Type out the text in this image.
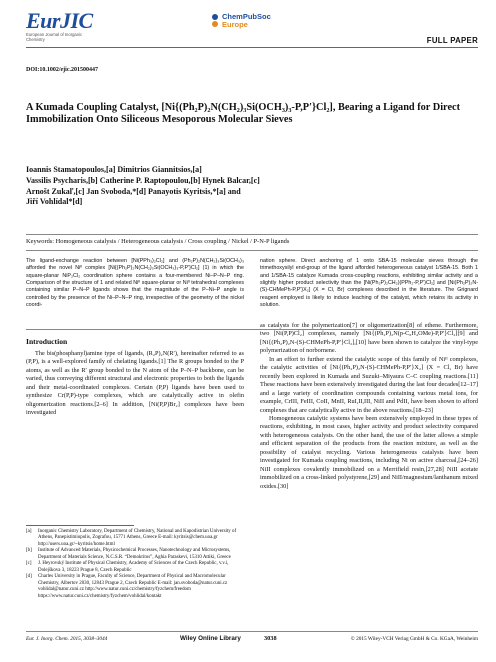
EurJIC
European Journal of Inorganic Chemistry
ChemPubSoc
Europe
FULL PAPER
DOI:10.1002/ejic.201500447
A Kumada Coupling Catalyst, [Ni{(Ph₂P)₂N(CH₂)₃Si(OCH₃)₃-P,P′}Cl₂], Bearing a Ligand for Direct Immobilization Onto Siliceous Mesoporous Molecular Sieves
Ioannis Stamatopoulos,[a] Dimitrios Giannitsios,[a]
Vassilis Psycharis,[b] Catherine P. Raptopoulou,[b] Hynek Balcar,[c]
Arnošt Zukaľ,[c] Jan Svoboda,*[d] Panayotis Kyritsis,*[a] and
Jiří Vohlídal*[d]
Keywords: Homogeneous catalysis / Heterogeneous catalysis / Cross coupling / Nickel / P-N-P ligands
The ligand-exchange reaction between [Ni(PPh₃)₂Cl₂] and (Ph₂P)₂N(CH₂)₃Si(OCH₃)₃ afforded the novel Niᴵᴵ complex [Ni{(Ph₂P)₂N(CH₂)₃Si(OCH₃)₃-P,P′}Cl₂] (1) in which the square-planar NiP₂Cl₂ coordination sphere contains a four-membered Ni–P–N–P ring. Comparison of the structure of 1 and related Niᴵᴵ square-planar or Niᴵᴵ tetrahedral complexes containing similar P–N–P ligands shows that the magnitude of the P–Ni–P angle is controlled by the presence of the Ni–P–N–P ring, irrespective of the geometry of the nickel coordi-
nation sphere. Direct anchoring of 1 onto SBA-15 molecular sieves through the trimethoxysilyl end-group of the ligand afforded heterogeneous catalyst 1/SBA-15. Both 1 and 1/SBA-15 catalyze Kumada cross-coupling reactions, exhibiting similar activity and a slightly higher product selectivity than the [Ni(Ph₂P)₂CH₂)(PPh₂-P,P′)Cl₂] and [Ni(Ph₂P)₂N-(S)-CHMePh-P,P′}X₂] (X = Cl, Br) complexes described in the literature. The Grignard reagent employed is likely to induce leaching of the catalyst, which retains its activity in solution.
Introduction

The bis(phosphanyl)amine type of ligands, (R₂P)₂N(R′), hereinafter referred to as (P,P), is a well-explored family of chelating ligands.[1] The R groups bonded to the P atoms, as well as the R′ group bonded to the N atom of the P–N–P backbone, can be varied, thus conveying different structural and electronic properties to both the ligands and their metal-coordinated complexes. Certain (P,P) ligands have been used to synthesize Cr(P,P)-type complexes, which are catalytically active in olefin oligomerization reactions.[2–6] In addition, [Ni(P,P)Br₂] complexes have been investigated

as catalysts for the polymerization[7] or oligomerization[8] of ethene. Furthermore, two [Ni(P,P)Cl₂] complexes, namely [Ni{(Ph₂P)₂N(p-C₆H₄OMe)-P,P′}Cl₂][9] and [Ni{(Ph₂P)₂N-(S)-CHMePh-P,P′}Cl₂],[10] have been shown to catalyze the vinyl-type polymerization of norbornene.

In an effort to further extend the catalytic scope of this family of Niᴵᴵ complexes, the catalytic activities of [Ni{(Ph₂P)₂N-(S)-CHMePh-P,P′}X₂] (X = Cl, Br) have recently been explored in Kumada and Suzuki–Miyaura C–C coupling reactions.[11] These reactions have been extensively investigated during the last four decades[12–17] and a large variety of coordination compounds containing various metal ions, for example, CrIII, FeIII, CoII, MnII, RuI,II,III, NiII and PdII, have been shown to afford complexes that are catalytically active in the above reactions.[18–23]

Homogeneous catalytic systems have been extensively employed in these types of reactions, exhibiting, in most cases, higher activity and product selectivity compared with heterogeneous catalysts. On the other hand, the use of the latter allows a simple and efficient separation of the products from the reaction mixture, as well as the possibility of catalyst recycling. Various heterogeneous catalysts have been investigated for Kumada coupling reactions, including Ni on active charcoal,[24–26] NiII complexes covalently immobilized on a Merrifield resin,[27,28] NiII acetate immobilized on a cross-linked polystyrene,[29] and NiII/magnesium/lanthanum mixed oxides.[30]

[a]	Inorganic Chemistry Laboratory, Department of Chemistry, National and Kapodistrian University of Athens, Panepistimiopolis, Zografou, 15771 Athens, Greece E-mail: kyritsis@chem.uoa.gr http://users.uoa.gr/~kyritsis/home.html
[b]	Institute of Advanced Materials, Physicochemical Processes, Nanotechnology and Microsystems, Department of Materials Science, N.C.S.R. “Demokritos”, Aghia Paraskevi, 15310 Attiki, Greece
[c]	J. Heyrovský Institute of Physical Chemistry, Academy of Sciences of the Czech Republic, v.v.i, Dolejškova 3, 18223 Prague 8, Czech Republic
[d]	Charles University in Prague, Faculty of Science, Department of Physical and Macromolecular Chemistry, Albertov 2030, 12843 Prague 2, Czech Republic E-mail: jan.svoboda@natur.cuni.cz vohlidal@natur.cuni.cz http://www.natur.cuni.cz/chemistry/fyzchem/freedom https://www.natur.cuni.cz/chemistry/fyzchem/vohlidal/kontakt
Eur. J. Inorg. Chem. 2015, 3038–3044	Wiley Online Library	3038	© 2015 Wiley-VCH Verlag GmbH & Co. KGaA, Weinheim
